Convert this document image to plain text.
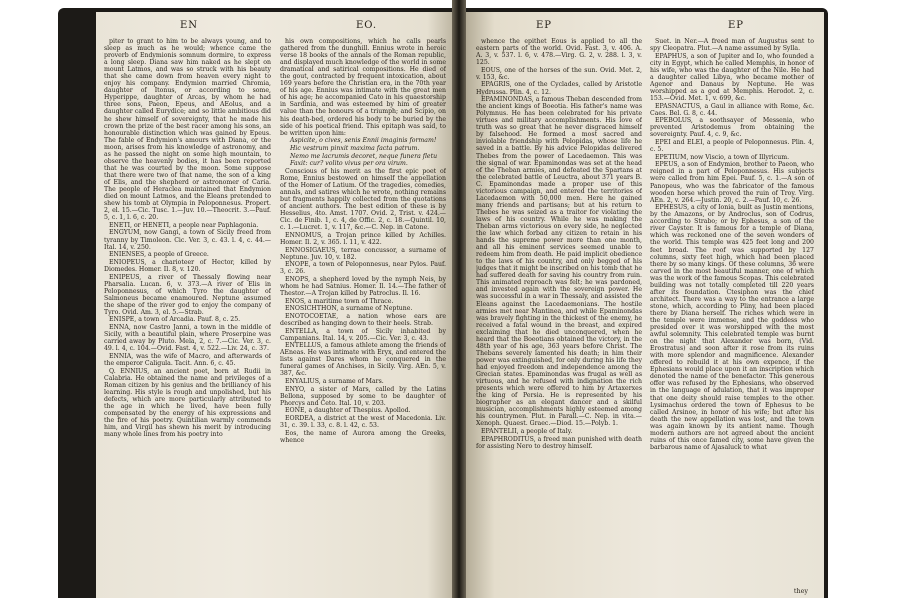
EN	EO.

piter to grant to him to be always young, and to sleep as much as he would; whence came the proverb of Endymionis somnum dormire, to express a long sleep. Diana saw him naked as he slept on mount Latmos, and was so struck with his beauty that she came down from heaven every night to enjoy his company. Endymion married Chromia, daughter of Itonus, or according to some, Hyperippe, daughter of Arcas, by whom he had three sons, Paeon, Epeus, and AEolus, and a daughter called Eurydice; and so little ambitious did he shew himself of sovereignty, that he made his crown the prize of the best racer among his sons, an honourable distinction which was gained by Epeus. The fable of Endymion's amours with Diana, or the moon, arises from his knowledge of astronomy, and as he passed the night on some high mountain, to observe the heavenly bodies, it has been reported that he was courted by the moon. Some suppose that there were two of that name, the son of a king of Elis, and the shepherd or astronomer of Caria. The people of Heraclea maintained that Endymion died on mount Latmos, and the Eleans pretended to shew his tomb at Olympia in Peloponnesus. Propert. 2, el. 15.—Cic. Tusc. 1.—Juv. 10.—Theocrit. 3.—Pauf. 5, c. 1, l. 6, c. 20.

ENETI, or HENETI, a people near Paphlagonia.

ENGYUM, now Gangi, a town of Sicily freed from tyranny by Timoleon. Cic. Ver. 3, c. 43. l. 4, c. 44.—Ital. 14, v. 250.

ENIENSES, a people of Greece.

ENIOPEUS, a charioteer of Hector, killed by Diomedes. Homer. Il. 8, v. 120.

ENIPEUS, a river of Thessaly flowing near Pharsalia. Lucan. 6, v. 373.—A river of Elis in Peloponnesus, of which Tyro the daughter of Salmoneus became enamoured. Neptune assumed the shape of the river god to enjoy the company of Tyro. Ovid. Am. 3, el. 5.—Strab.

ENISPE, a town of Arcadia. Pauf. 8, c. 25.

ENNA, now Castro Janni, a town in the middle of Sicily, with a beautiful plain, where Proserpine was carried away by Pluto. Mela, 2, c. 7.—Cic. Ver. 3, c. 49. l. 4, c. 104.—Ovid. Fast. 4, v. 522.—Liv. 24, c. 37.

ENNIA, was the wife of Macro, and afterwards of the emperor Caligula. Tacit. Ann. 6, c. 45.

Q. ENNIUS, an ancient poet, born at Rudii in Calabria. He obtained the name and privileges of a Roman citizen by his genius and the brilliancy of his learning. His style is rough and unpolished, but his defects, which are more particularly attributed to the age in which he lived, have been fully compensated by the energy of his expressions and the fire of his poetry. Quintilian warmly commends him, and Virgil has shewn his merit by introducing many whole lines from his poetry into

his own compositions, which he calls pearls gathered from the dunghill. Ennius wrote in heroic verse 18 books of the annals of the Roman republic, and displayed much knowledge of the world in some dramatical and satirical compositions. He died of the gout, contracted by frequent intoxication, about 169 years before the Christian era, in the 70th year of his age. Ennius was intimate with the great men of his age; he accompanied Cato in his quaestorship in Sardinia, and was esteemed by him of greater value than the honours of a triumph; and Scipio, on his death-bed, ordered his body to be buried by the side of his poetical friend. This epitaph was said, to be written upon him:

Aspicite, o cives, senis Ennii imaginis formam!

Hic vestrum pinxit maxima facta patrum.

Nemo me lacrumis decoret, neque funera fletu

Faxit: cur? volito vivus per ora virum.

Conscious of his merit as the first epic poet of Rome, Ennius bestowed on himself the appellation of the Homer of Latium. Of the tragedies, comedies, annals, and satires which he wrote, nothing remains but fragments happily collected from the quotations of ancient authors. The best edition of these is by Hesselius, 4to. Amst. 1707. Ovid. 2, Trist. v. 424.—Cic. de Finib. 1, c. 4, de Offic. 2, c. 18.—Quintil. 10, c. 1.—Lucret. 1, v. 117, &c.—C. Nep. in Catone.

ENNOMUS, a Trojan prince killed by Achilles. Homer. Il. 2, v. 365. l. 11, v. 422.

ENNOSIGAEUS, terrae concussor, a surname of Neptune. Juv. 10, v. 182.

ENOPE, a town of Peloponnesus, near Pylos. Pauf. 3, c. 26.

ENOPS, a shepherd loved by the nymph Neis, by whom he had Satnius. Homer. Il. 14.—The father of Thestor.—A Trojan killed by Patroclus. Il. 16.

ENOS, a maritime town of Thrace.

ENOSICHTHON, a surname of Neptune.

ENOTOCOETAE, a nation whose ears are described as hanging down to their heels. Strab.

ENTELLA, a town of Sicily inhabited by Campanians. Ital. 14, v. 205.—Cic. Ver. 3, c. 43.

ENTELLUS, a famous athlete among the friends of AEneas. He was intimate with Eryx, and entered the lists against Dares whom he conquered in the funeral games of Anchises, in Sicily. Virg. AEn. 5, v. 387, &c.

ENYALIUS, a surname of Mars.

ENYO, a sister of Mars, called by the Latins Bellona, supposed by some to be daughter of Phorcys and Ceto. Ital. 10, v. 203.

EONE, a daughter of Thespius. Apollod.

EORDEA, a district at the west of Macedonia. Liv. 31, c. 39. l. 33, c. 8. l. 42, c. 53.

Eos, the name of Aurora among the Greeks, whence

EP	EP

whence the epithet Eous is applied to all the eastern parts of the world. Ovid. Fast. 3, v. 406. A. A. 3, v. 537. l. 6, v. 478.—Virg. G. 2, v. 288. l. 3, v. 125.

EOUS, one of the horses of the sun. Ovid. Met. 2, v. 153, &c.

EPAGRIS, one of the Cyclades, called by Aristotle Hydrussa. Plin. 4, c. 12.

EPAMINONDAS, a famous Theban descended from the ancient kings of Boeotia. His father's name was Polymnus. He has been celebrated for his private virtues and military accomplishments. His love of truth was so great that he never disgraced himself by falsehood. He formed a most sacred and inviolable friendship with Pelopidas, whose life he saved in a battle. By his advice Pelopidas delivered Thebes from the power of Lacedaemon. This was the signal of war. Epaminondas was set at the head of the Theban armies, and defeated the Spartans at the celebrated battle of Leuctra, about 371 years B. C. Epaminondas made a proper use of this victorious campaign, and entered the territories of Lacedaemon with 50,000 men. Here he gained many friends and partisans; but at his return to Thebes he was seized as a traitor for violating the laws of his country. While he was making the Theban arms victorious on every side, he neglected the law which forbad any citizen to retain in his hands the supreme power more than one month, and all his eminent services seemed unable to redeem him from death. He paid implicit obedience to the laws of his country, and only begged of his judges that it might be inscribed on his tomb that he had suffered death for saving his country from ruin. This animated reproach was felt; he was pardoned, and invested again with the sovereign power. He was successful in a war in Thessaly, and assisted the Eleans against the Lacedaemonians. The hostile armies met near Mantinea, and while Epaminondas was bravely fighting in the thickest of the enemy, he received a fatal wound in the breast, and expired exclaiming that he died unconquered, when he heard that the Boeotians obtained the victory, in the 48th year of his age, 363 years before Christ. The Thebans severely lamented his death; in him their power was extinguished, for only during his life they had enjoyed freedom and independence among the Grecian states. Epaminondas was frugal as well as virtuous, and he refused with indignation the rich presents which were offered to him by Artaxerxes the king of Persia. He is represented by his biographer as an elegant dancer and a skilful musician, accomplishments highly esteemed among his countrymen. Plut. in Parall.—C. Nep. in vita.—Xenoph. Quaest. Graec.—Diod. 15.—Polyb. 1.

EPANTELII, a people of Italy.

EPAPHRODITUS, a freed man punished with death for assisting Nero to destroy himself.

Suet. in Ner.—A freed man of Augustus sent to spy Cleopatra. Plut.—A name assumed by Sylla.

EPAPHUS, a son of Jupiter and Io, who founded a city in Egypt, which he called Memphis, in honor of his wife, who was the daughter of the Nile. He had a daughter called Libya, who became mother of Agenor and Danaus by Neptune. He was worshipped as a god at Memphis. Herodot. 2, c. 153.—Ovid. Met. 1, v. 699, &c.

EPASNACTUS, a Gaul in alliance with Rome, &c. Caes. Bel. G. 8, c. 44.

EPEBOLUS, a soothsayer of Messenia, who prevented Aristodemus from obtaining the sovereignty. Pauf. 4, c. 9, &c.

EPEI and ELEI, a people of Peloponnesus. Plin. 4, c. 5.

EPETIUM, now Viscio, a town of Illyricum.

EPEUS, a son of Endymion, brother to Paeon, who reigned in a part of Peloponnesus. His subjects were called from him Epei. Pauf. 5, c. 1.—A son of Panopeus, who was the fabricator of the famous wooden horse which proved the ruin of Troy. Virg. AEn. 2, v. 264.—Justin. 20, c. 2.—Pauf. 10, c. 26.

EPHESUS, a city of Ionia, built as Justin mentions, by the Amazons, or by Androclus, son of Codrus, according to Strabo; or by Ephesus, a son of the river Cayster. It is famous for a temple of Diana, which was reckoned one of the seven wonders of the world. This temple was 425 feet long and 200 feet broad. The roof was supported by 127 columns, sixty feet high, which had been placed there by so many kings. Of these columns, 36 were carved in the most beautiful manner, one of which was the work of the famous Scopas. This celebrated building was not totally completed till 220 years after its foundation. Ctesiphon was the chief architect. There was a way to the entrance a large stone, which, according to Pliny, had been placed there by Diana herself. The riches which were in the temple were immense, and the goddess who presided over it was worshipped with the most awful solemnity. This celebrated temple was burnt on the night that Alexander was born, (Vid. Erostratus) and soon after it rose from its ruins with more splendor and magnificence. Alexander offered to rebuild it at his own expence, if the Ephesians would place upon it an inscription which denoted the name of the benefactor. This generous offer was refused by the Ephesians, who observed in the language of adulation, that it was improper that one deity should raise temples to the other. Lysimachus ordered the town of Ephesus to be called Arsinoe, in honor of his wife; but after his death the new appellation was lost, and the town was again known by its antient name. Though modern authors are not agreed about the ancient ruins of this once famed city, some have given the barbarous name of Ajasaluck to what

they
